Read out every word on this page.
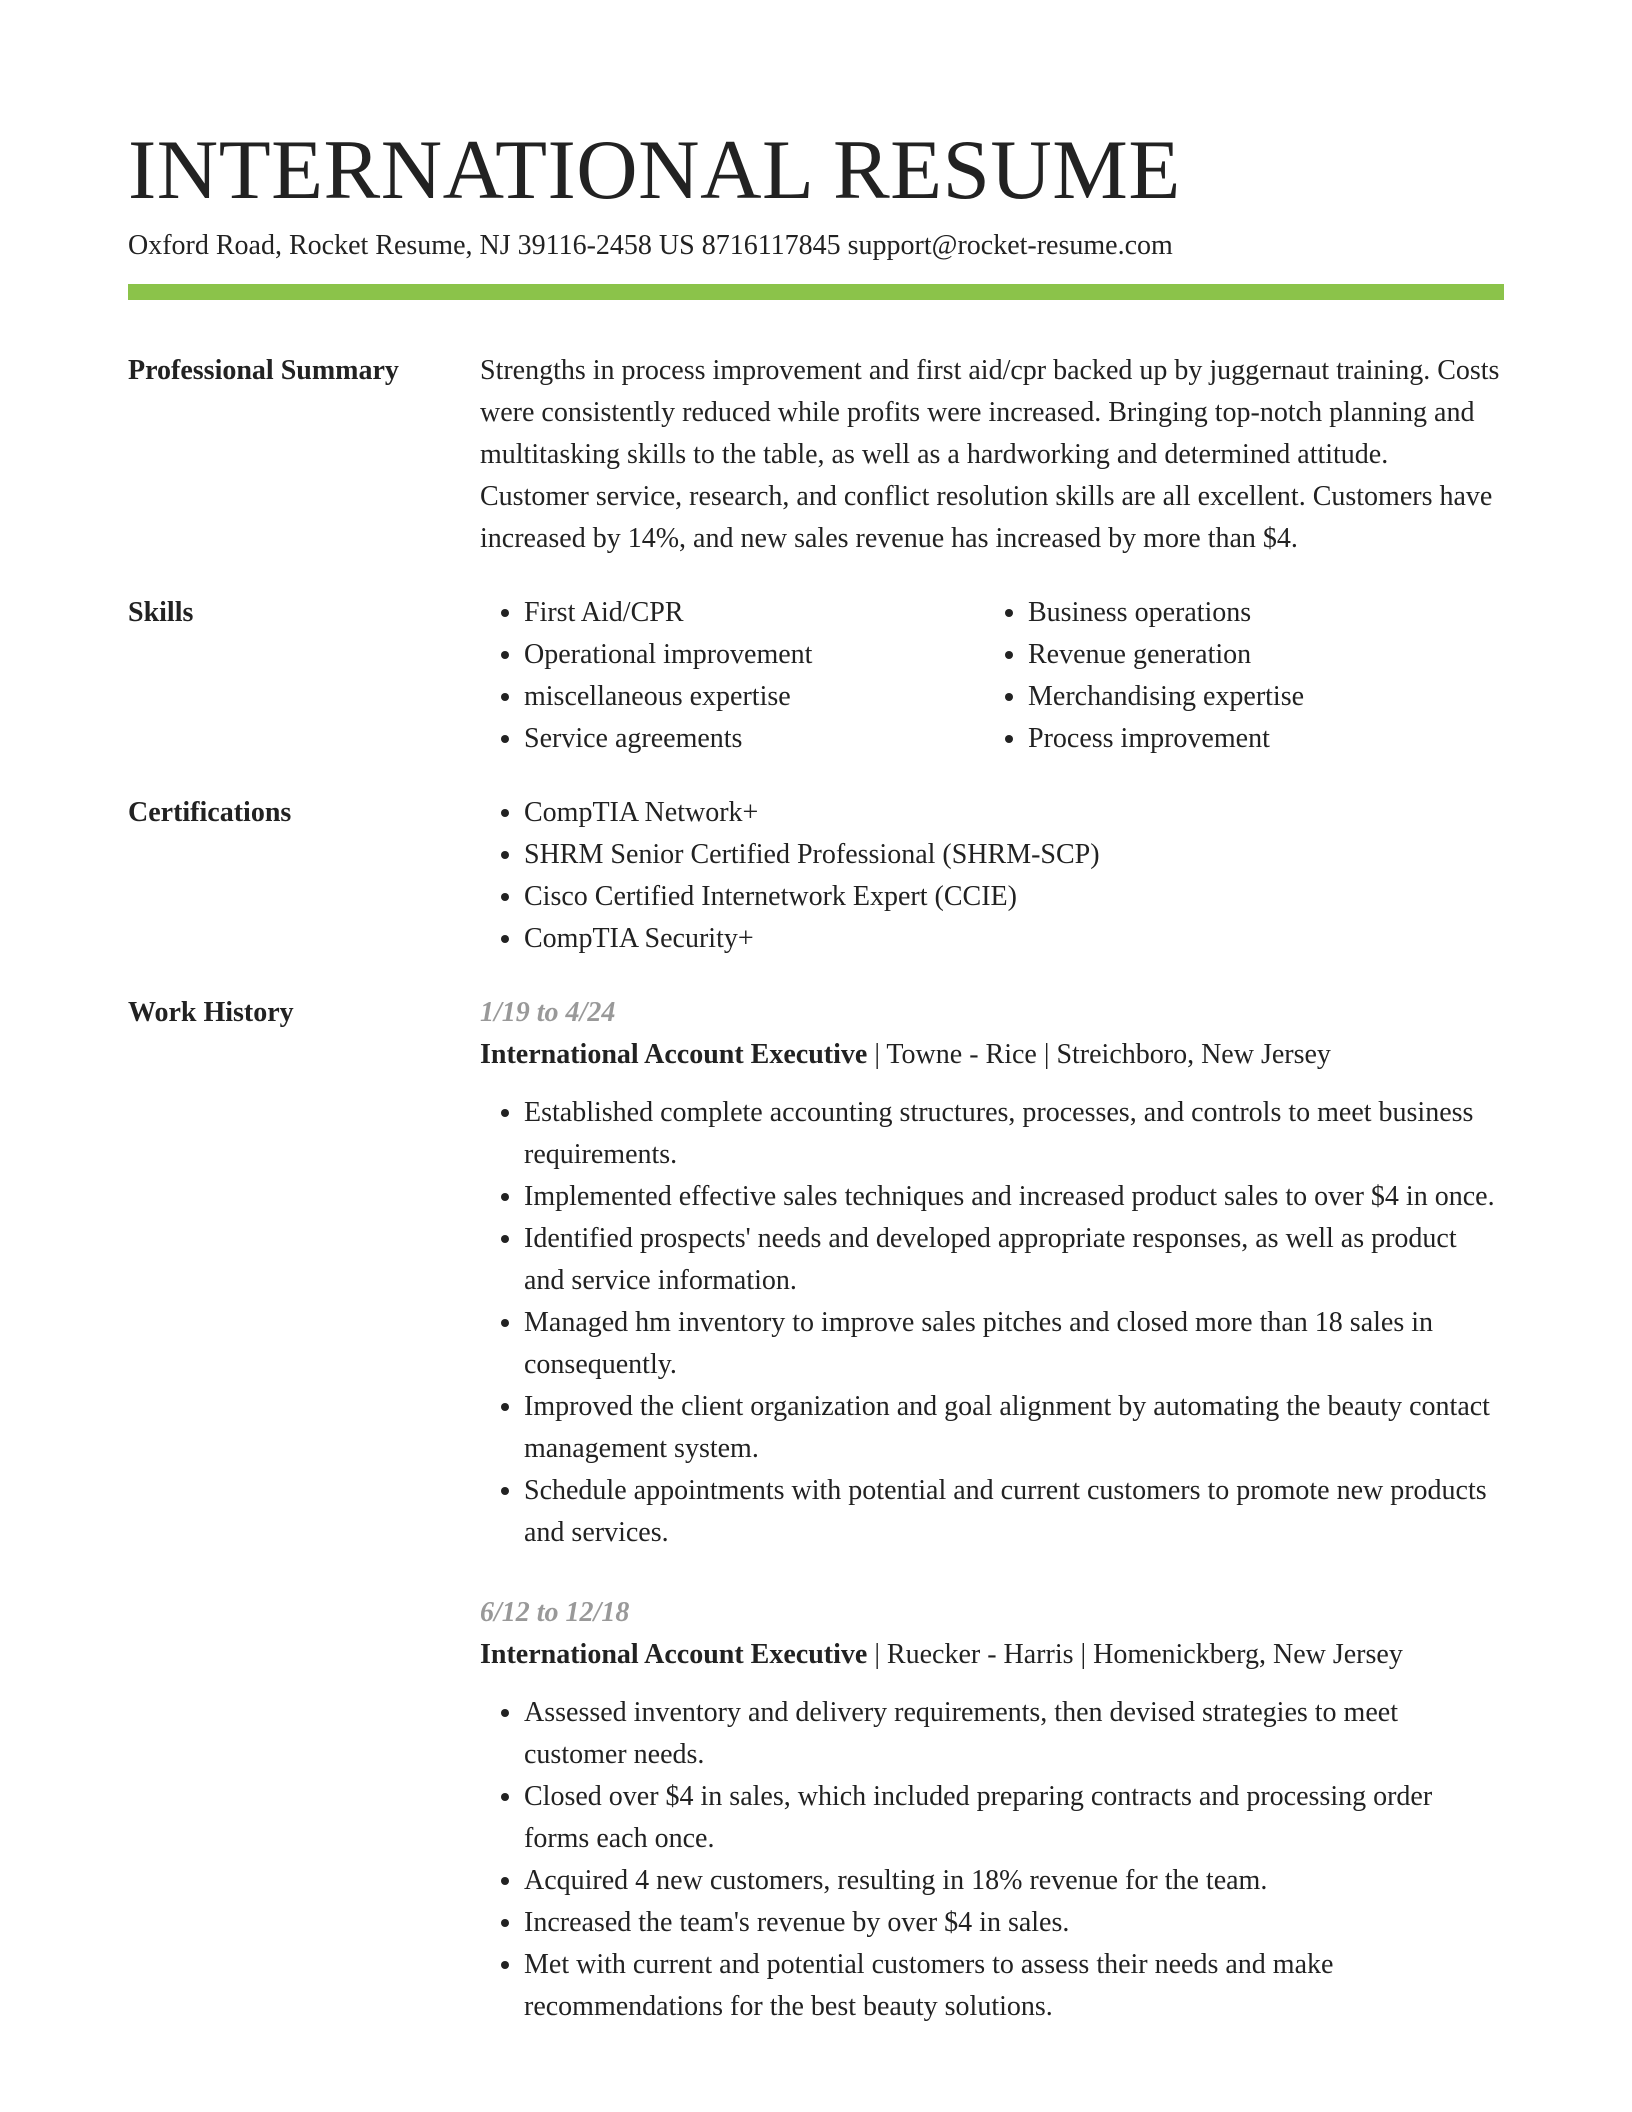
INTERNATIONAL RESUME
Oxford Road, Rocket Resume, NJ 39116-2458 US 8716117845 support@rocket-resume.com
Professional Summary	Strengths in process improvement and first aid/cpr backed up by juggernaut training. Costs were consistently reduced while profits were increased. Bringing top-notch planning and multitasking skills to the table, as well as a hardworking and determined attitude. Customer service, research, and conflict resolution skills are all excellent. Customers have increased by 14%, and new sales revenue has increased by more than $4.
Skills	• First Aid/CPR
• Operational improvement
• miscellaneous expertise
• Service agreements
• Business operations
• Revenue generation
• Merchandising expertise
• Process improvement
Certifications	• CompTIA Network+
• SHRM Senior Certified Professional (SHRM-SCP)
• Cisco Certified Internetwork Expert (CCIE)
• CompTIA Security+
Work History	1/19 to 4/24
International Account Executive | Towne - Rice | Streichboro, New Jersey
• Established complete accounting structures, processes, and controls to meet business requirements.
• Implemented effective sales techniques and increased product sales to over $4 in once.
• Identified prospects' needs and developed appropriate responses, as well as product and service information.
• Managed hm inventory to improve sales pitches and closed more than 18 sales in consequently.
• Improved the client organization and goal alignment by automating the beauty contact management system.
• Schedule appointments with potential and current customers to promote new products and services.
6/12 to 12/18
International Account Executive | Ruecker - Harris | Homenickberg, New Jersey
• Assessed inventory and delivery requirements, then devised strategies to meet customer needs.
• Closed over $4 in sales, which included preparing contracts and processing order forms each once.
• Acquired 4 new customers, resulting in 18% revenue for the team.
• Increased the team's revenue by over $4 in sales.
• Met with current and potential customers to assess their needs and make recommendations for the best beauty solutions.
